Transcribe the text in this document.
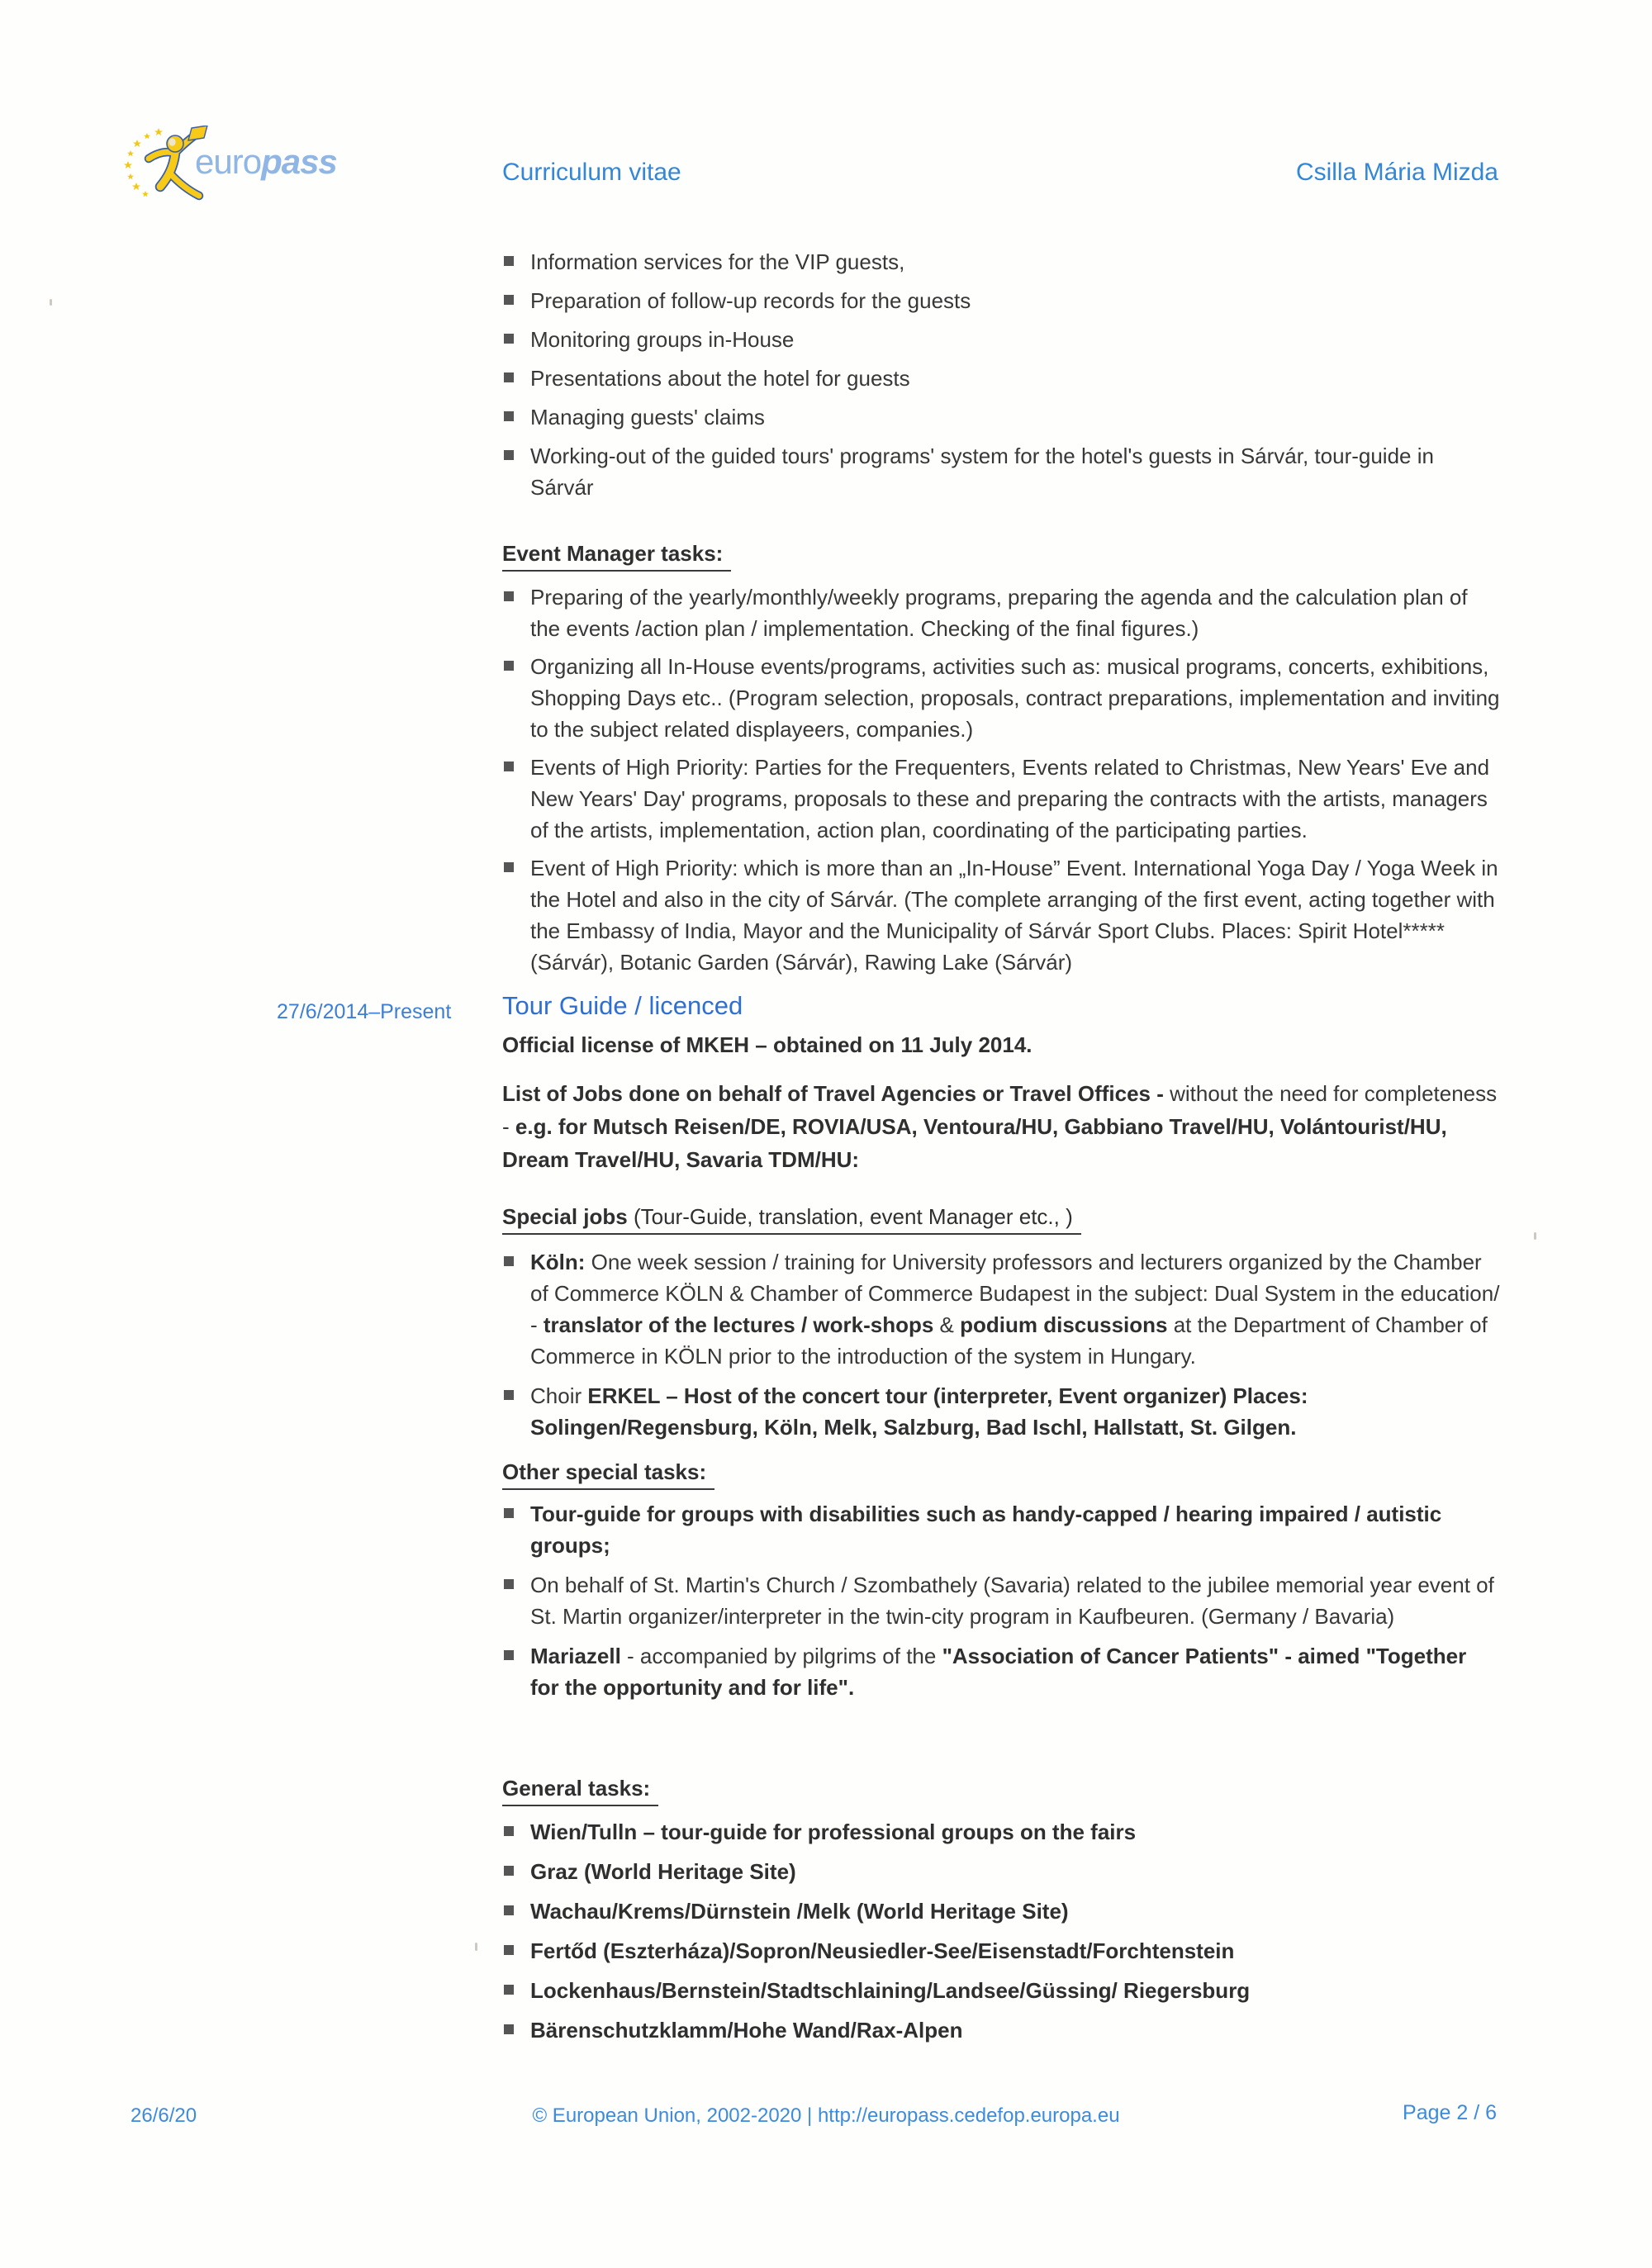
europass	Curriculum vitae	Csilla Mária Mizda
Information services for the VIP guests,
Preparation of follow-up records for the guests
Monitoring groups in-House
Presentations about the hotel for guests
Managing guests' claims
Working-out of the guided tours' programs' system for the hotel's guests in Sárvár, tour-guide in Sárvár
Event Manager tasks:
Preparing of the yearly/monthly/weekly programs, preparing the agenda and the calculation plan of the events /action plan / implementation. Checking of the final figures.)
Organizing all In-House events/programs, activities such as: musical programs, concerts, exhibitions, Shopping Days etc.. (Program selection, proposals, contract preparations, implementation and inviting to the subject related displayeers, companies.)
Events of High Priority: Parties for the Frequenters, Events related to Christmas, New Years' Eve and New Years' Day' programs, proposals to these and preparing the contracts with the artists, managers of the artists, implementation, action plan, coordinating of the participating parties.
Event of High Priority: which is more than an „In-House” Event. International Yoga Day / Yoga Week in the Hotel and also in the city of Sárvár. (The complete arranging of the first event, acting together with the Embassy of India, Mayor and the Municipality of Sárvár Sport Clubs. Places: Spirit Hotel*****(Sárvár), Botanic Garden (Sárvár), Rawing Lake (Sárvár)
27/6/2014–Present	Tour Guide / licenced
Official license of MKEH – obtained on 11 July 2014.
List of Jobs done on behalf of Travel Agencies or Travel Offices - without the need for completeness - e.g. for Mutsch Reisen/DE, ROVIA/USA, Ventoura/HU, Gabbiano Travel/HU, Volántourist/HU, Dream Travel/HU, Savaria TDM/HU:
Special jobs (Tour-Guide, translation, event Manager etc., )
Köln: One week session / training for University professors and lecturers organized by the Chamber of Commerce KÖLN & Chamber of Commerce Budapest in the subject: Dual System in the education/ - translator of the lectures / work-shops & podium discussions at the Department of Chamber of Commerce in KÖLN prior to the introduction of the system in Hungary.
Choir ERKEL – Host of the concert tour (interpreter, Event organizer) Places: Solingen/Regensburg, Köln, Melk, Salzburg, Bad Ischl, Hallstatt, St. Gilgen.
Other special tasks:
Tour-guide for groups with disabilities such as handy-capped / hearing impaired / autistic groups;
On behalf of St. Martin's Church / Szombathely (Savaria) related to the jubilee memorial year event of St. Martin organizer/interpreter in the twin-city program in Kaufbeuren. (Germany / Bavaria)
Mariazell - accompanied by pilgrims of the "Association of Cancer Patients" - aimed "Together for the opportunity and for life".
General tasks:
Wien/Tulln – tour-guide for professional groups on the fairs
Graz (World Heritage Site)
Wachau/Krems/Dürnstein /Melk (World Heritage Site)
Fertőd (Eszterháza)/Sopron/Neusiedler-See/Eisenstadt/Forchtenstein
Lockenhaus/Bernstein/Stadtschlaining/Landsee/Güssing/ Riegersburg
Bärenschutzklamm/Hohe Wand/Rax-Alpen
26/6/20	© European Union, 2002-2020 | http://europass.cedefop.europa.eu	Page 2 / 6
